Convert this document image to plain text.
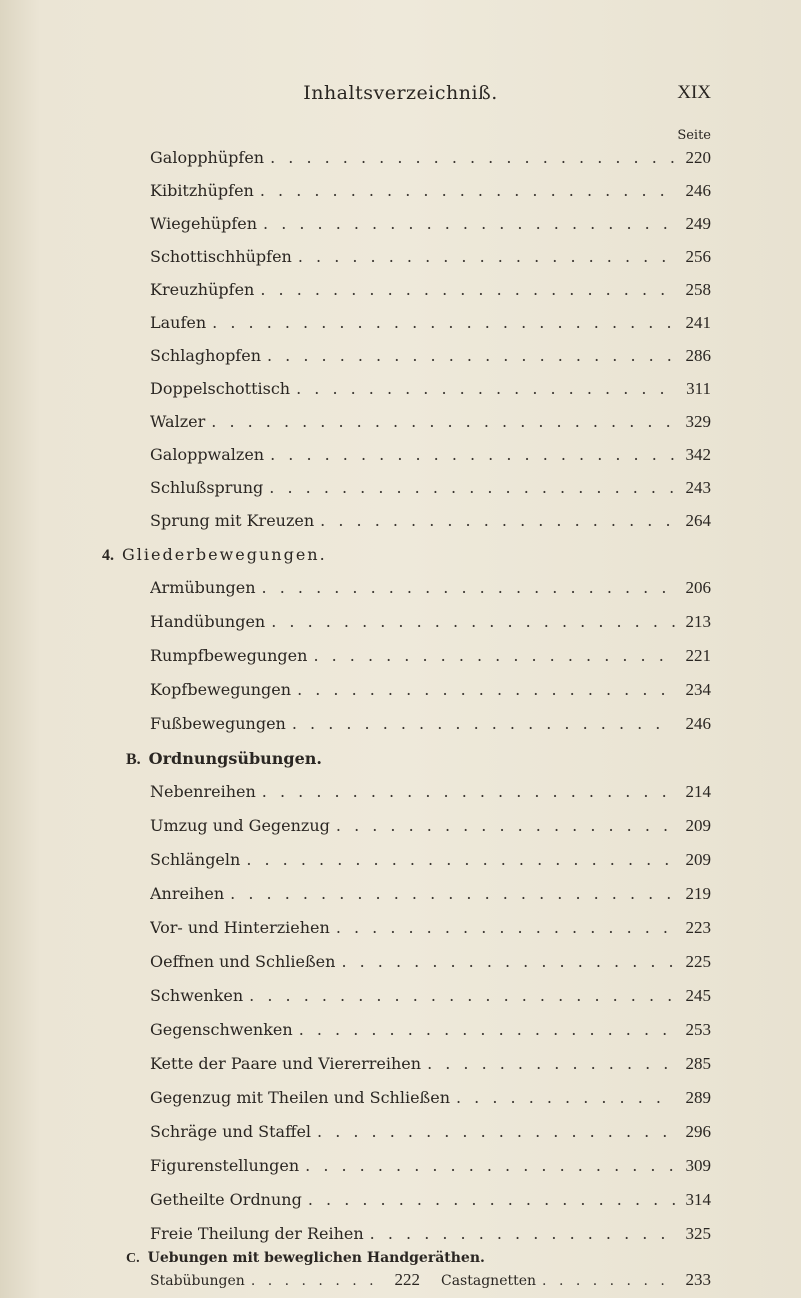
Inhaltsverzeichniß.	XIX
Seite
Galopphüpfen . . .	220
Kibitzhüpfen . . .	246
Wiegehüpfen . . .	249
Schottischhüpfen . . .	256
Kreuzhüpfen . . .	258
Laufen . . .	241
Schlaghopfen . . .	286
Doppelschottisch . . .	311
Walzer . . .	329
Galoppwalzen . . .	342
Schlußsprung . . .	243
Sprung mit Kreuzen . . .	264
4. Gliederbewegungen.
Armübungen . . .	206
Handübungen . . .	213
Rumpfbewegungen . . .	221
Kopfbewegungen . . .	234
Fußbewegungen . . .	246
B. Ordnungsübungen.
Nebenreihen . . .	214
Umzug und Gegenzug . . .	209
Schlängeln . . .	209
Anreihen . . .	219
Vor- und Hinterziehen . . .	223
Oeffnen und Schließen . . .	225
Schwenken . . .	245
Gegenschwenken . . .	253
Kette der Paare und Viererreihen . . .	285
Gegenzug mit Theilen und Schließen . . .	289
Schräge und Staffel . . .	296
Figurenstellungen . . .	309
Getheilte Ordnung . . .	314
Freie Theilung der Reihen . . .	325
C. Uebungen mit beweglichen Handgeräthen.
Stabübungen . . .	222 Castagnetten . . .	233
